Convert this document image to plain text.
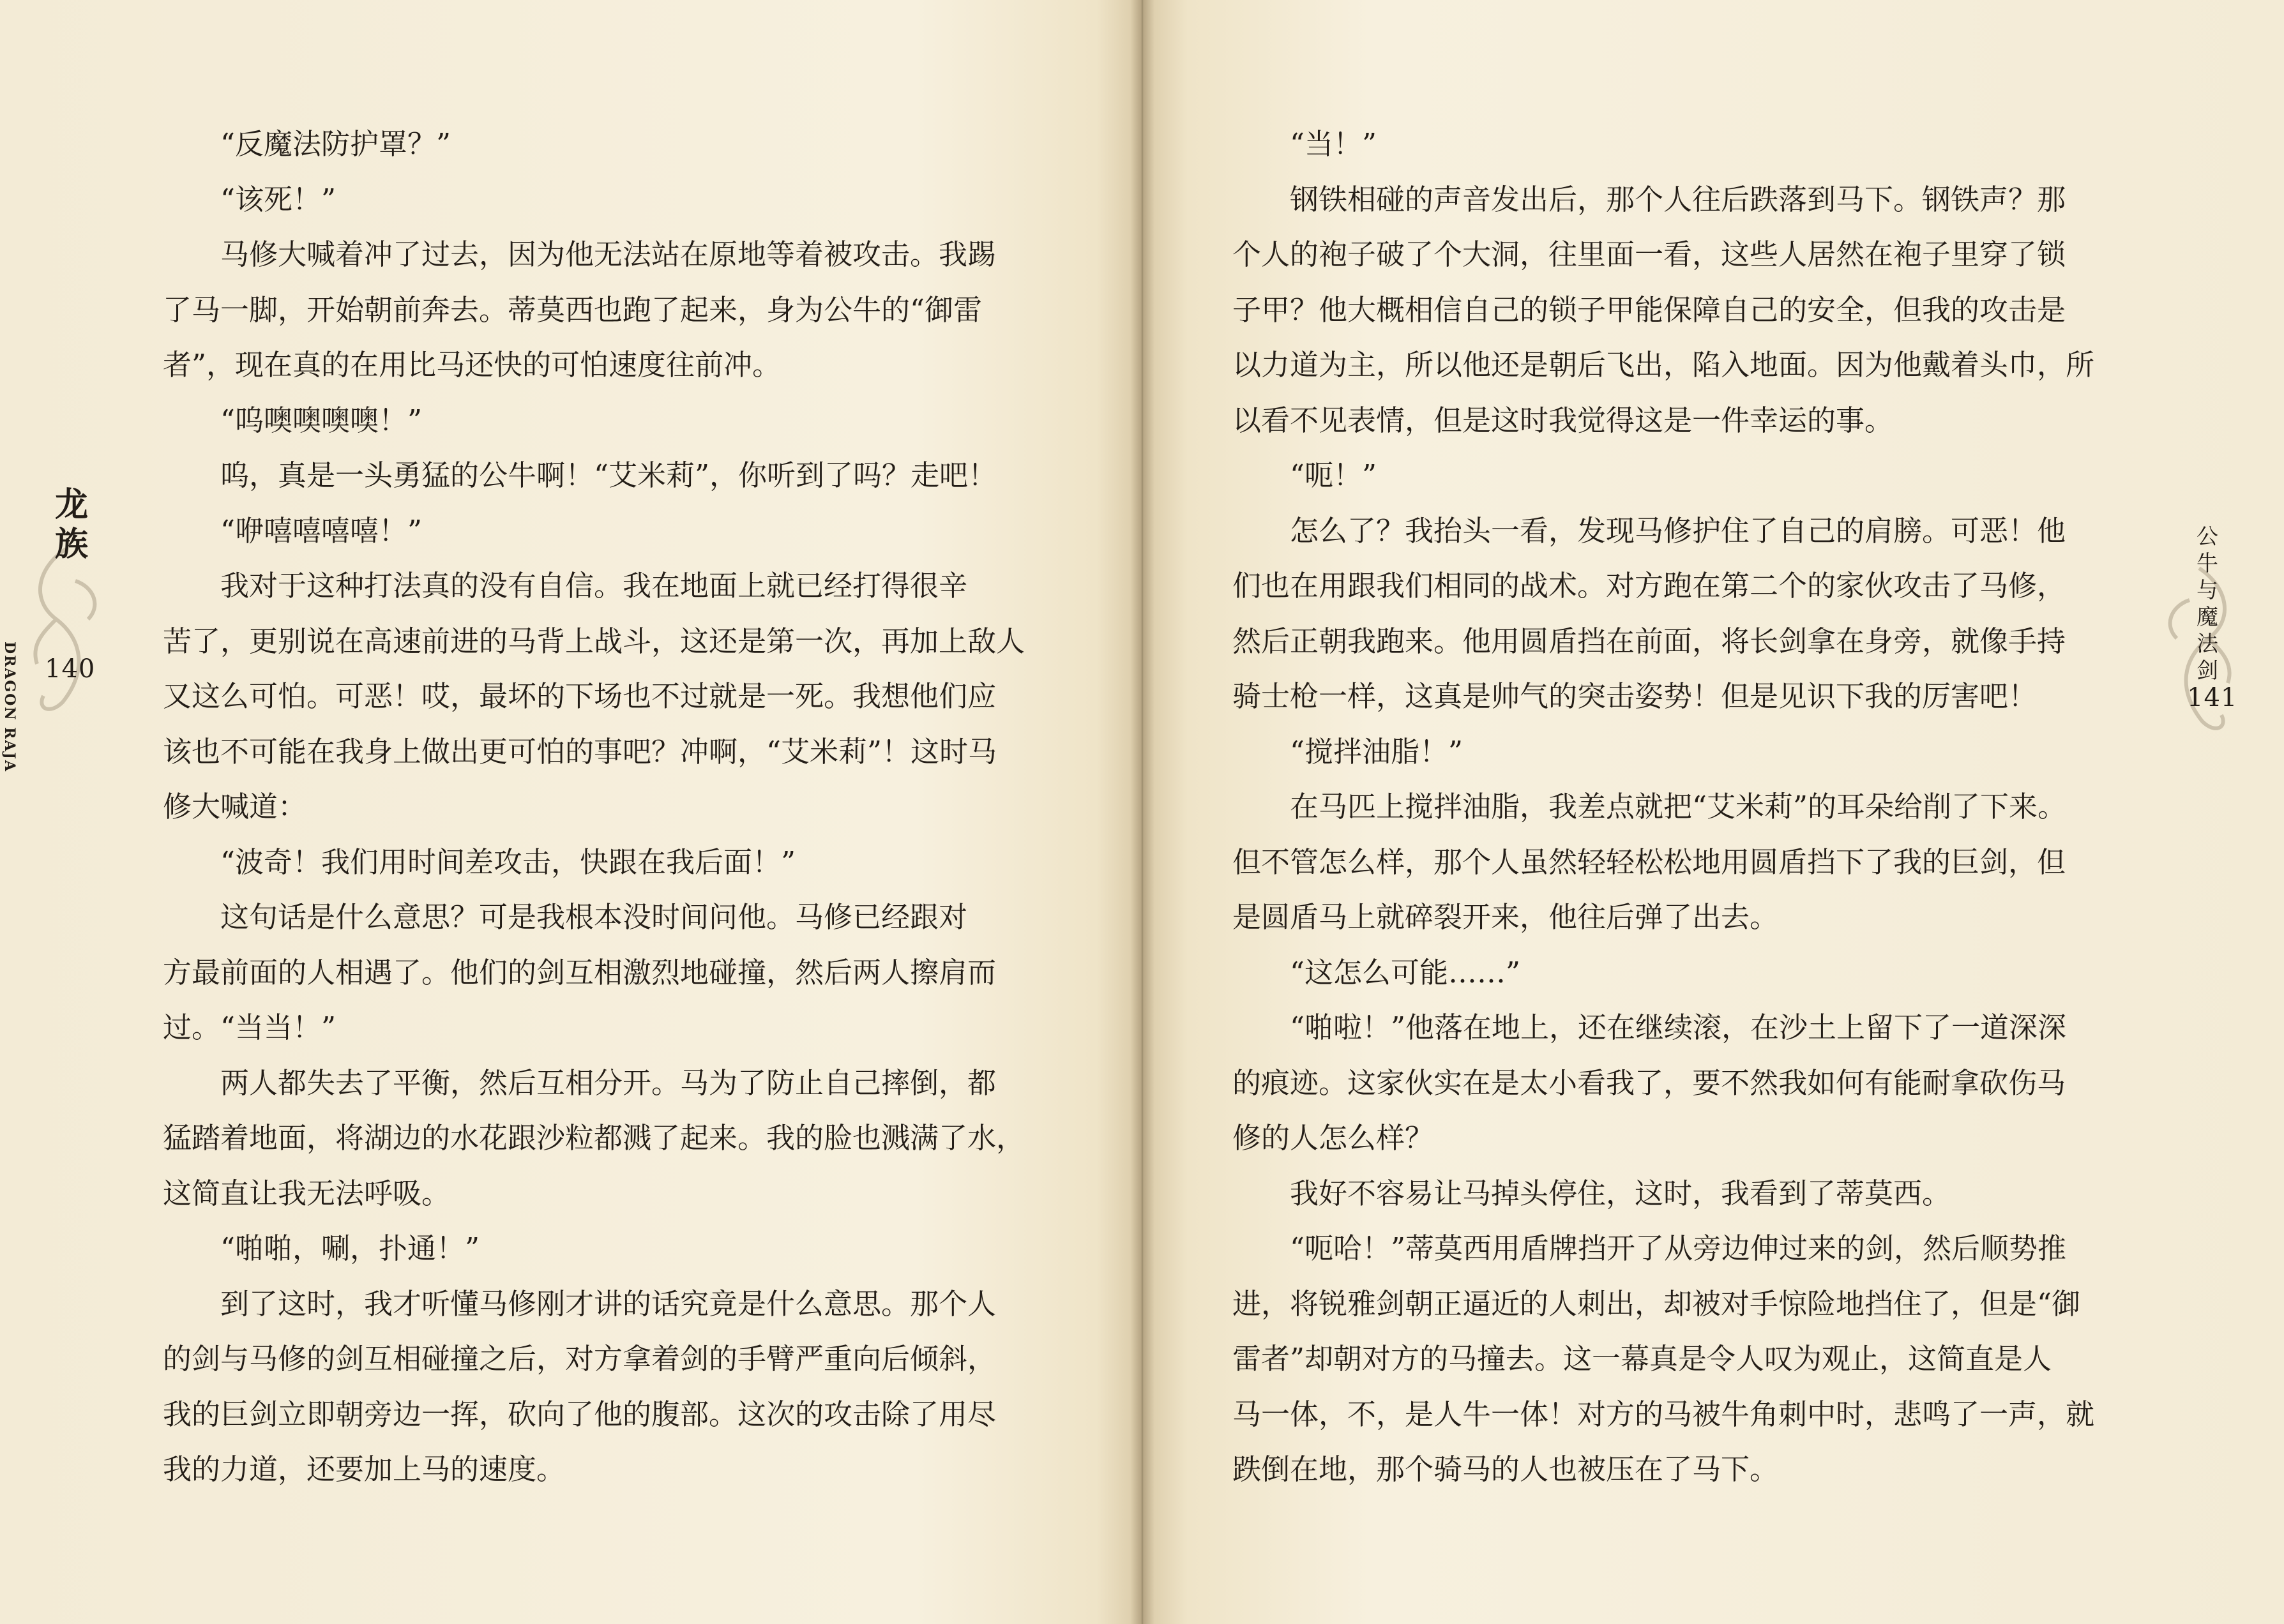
DRAGON RAJA
龙族
140
“反魔法防护罩？”
“该死！”
马修大喊着冲了过去，因为他无法站在原地等着被攻击。我踢
了马一脚，开始朝前奔去。蒂莫西也跑了起来，身为公牛的“御雷
者”，现在真的在用比马还快的可怕速度往前冲。
“呜噢噢噢噢！”
呜，真是一头勇猛的公牛啊！“艾米莉”，你听到了吗？走吧！
“咿嘻嘻嘻嘻！”
我对于这种打法真的没有自信。我在地面上就已经打得很辛
苦了，更别说在高速前进的马背上战斗，这还是第一次，再加上敌人
又这么可怕。可恶！哎，最坏的下场也不过就是一死。我想他们应
该也不可能在我身上做出更可怕的事吧？冲啊，“艾米莉”！这时马
修大喊道：
“波奇！我们用时间差攻击，快跟在我后面！”
这句话是什么意思？可是我根本没时间问他。马修已经跟对
方最前面的人相遇了。他们的剑互相激烈地碰撞，然后两人擦肩而
过。“当当！”
两人都失去了平衡，然后互相分开。马为了防止自己摔倒，都
猛踏着地面，将湖边的水花跟沙粒都溅了起来。我的脸也溅满了水，
这简直让我无法呼吸。
“啪啪，唰，扑通！”
到了这时，我才听懂马修刚才讲的话究竟是什么意思。那个人
的剑与马修的剑互相碰撞之后，对方拿着剑的手臂严重向后倾斜，
我的巨剑立即朝旁边一挥，砍向了他的腹部。这次的攻击除了用尽
我的力道，还要加上马的速度。
公牛与魔法剑
141
“当！”
钢铁相碰的声音发出后，那个人往后跌落到马下。钢铁声？那
个人的袍子破了个大洞，往里面一看，这些人居然在袍子里穿了锁
子甲？他大概相信自己的锁子甲能保障自己的安全，但我的攻击是
以力道为主，所以他还是朝后飞出，陷入地面。因为他戴着头巾，所
以看不见表情，但是这时我觉得这是一件幸运的事。
“呃！”
怎么了？我抬头一看，发现马修护住了自己的肩膀。可恶！他
们也在用跟我们相同的战术。对方跑在第二个的家伙攻击了马修，
然后正朝我跑来。他用圆盾挡在前面，将长剑拿在身旁，就像手持
骑士枪一样，这真是帅气的突击姿势！但是见识下我的厉害吧！
“搅拌油脂！”
在马匹上搅拌油脂，我差点就把“艾米莉”的耳朵给削了下来。
但不管怎么样，那个人虽然轻轻松松地用圆盾挡下了我的巨剑，但
是圆盾马上就碎裂开来，他往后弹了出去。
“这怎么可能……”
“啪啦！”他落在地上，还在继续滚，在沙土上留下了一道深深
的痕迹。这家伙实在是太小看我了，要不然我如何有能耐拿砍伤马
修的人怎么样？
我好不容易让马掉头停住，这时，我看到了蒂莫西。
“呃哈！”蒂莫西用盾牌挡开了从旁边伸过来的剑，然后顺势推
进，将锐雅剑朝正逼近的人刺出，却被对手惊险地挡住了，但是“御
雷者”却朝对方的马撞去。这一幕真是令人叹为观止，这简直是人
马一体，不，是人牛一体！对方的马被牛角刺中时，悲鸣了一声，就
跌倒在地，那个骑马的人也被压在了马下。
